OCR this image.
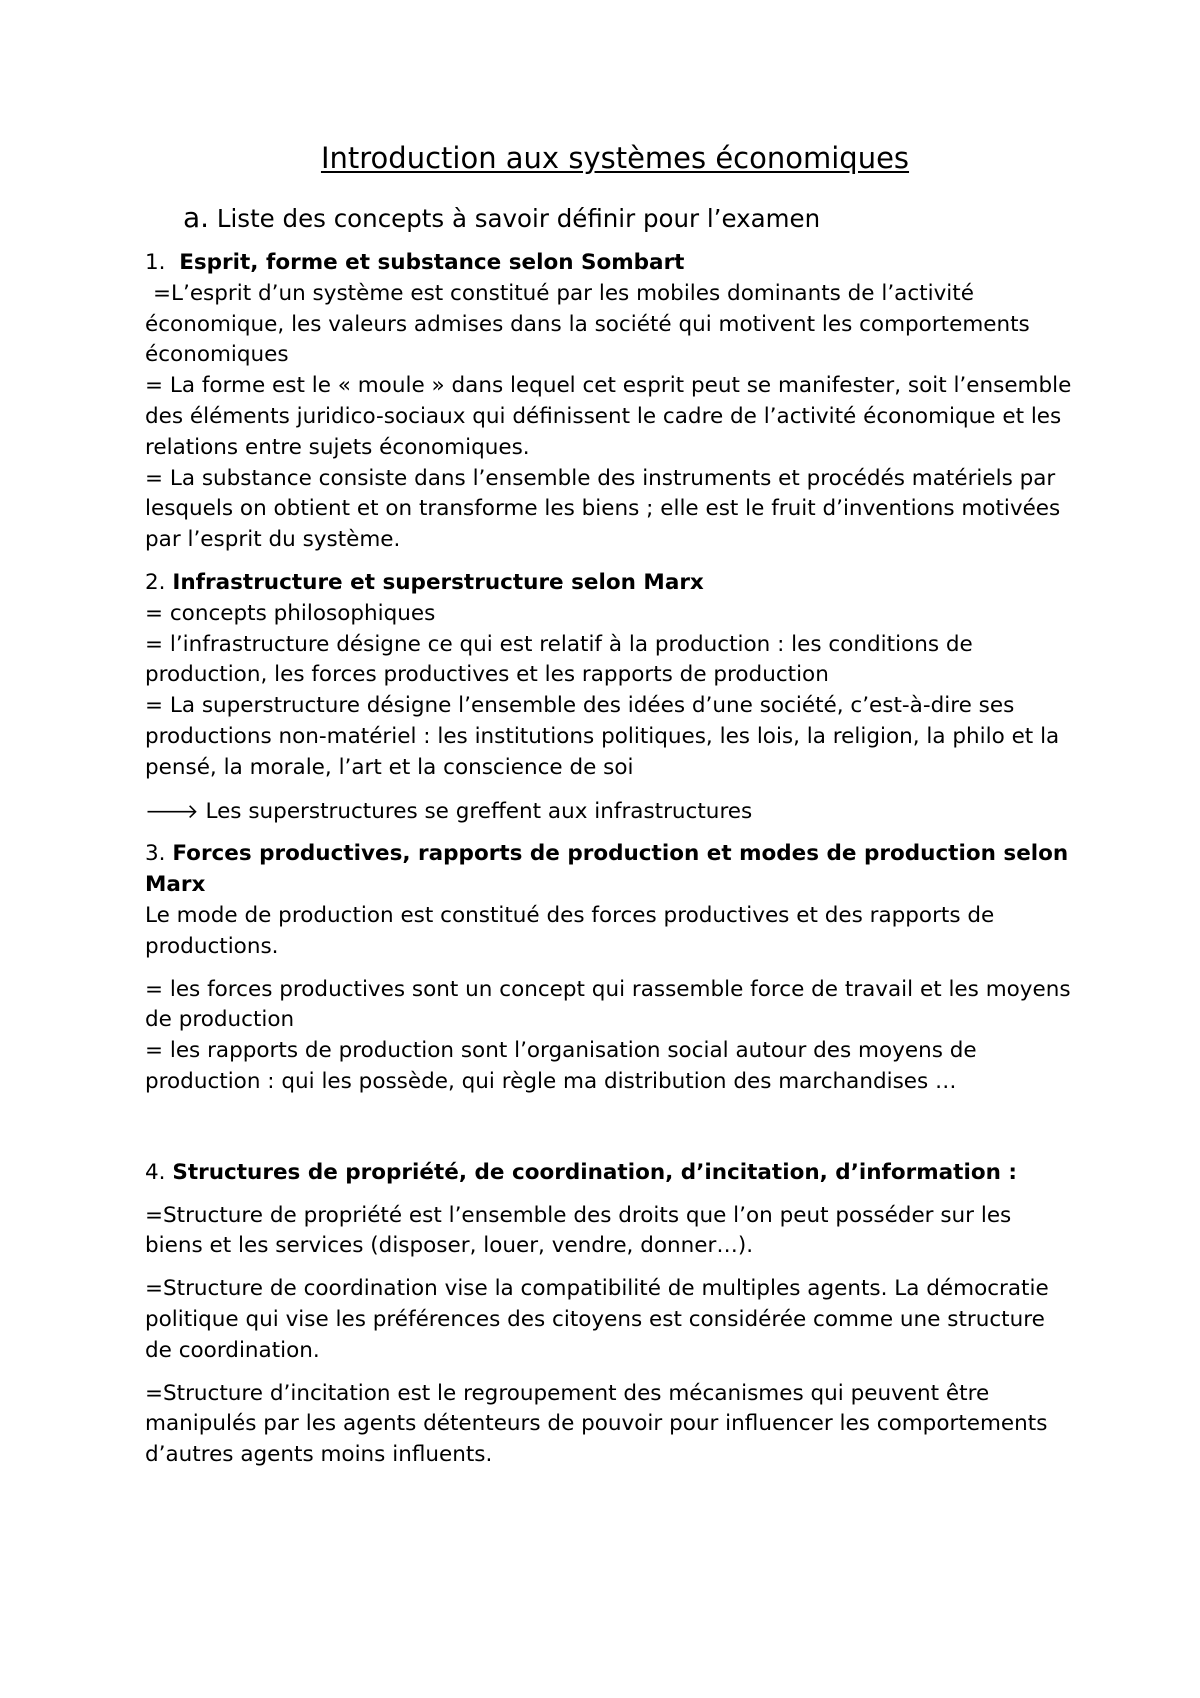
Introduction aux systèmes économiques
a. Liste des concepts à savoir définir pour l’examen
1. Esprit, forme et substance selon Sombart
=L’esprit d’un système est constitué par les mobiles dominants de l’activité économique, les valeurs admises dans la société qui motivent les comportements économiques
= La forme est le « moule » dans lequel cet esprit peut se manifester, soit l’ensemble des éléments juridico-sociaux qui définissent le cadre de l’activité économique et les relations entre sujets économiques.
= La substance consiste dans l’ensemble des instruments et procédés matériels par lesquels on obtient et on transforme les biens ; elle est le fruit d’inventions motivées par l’esprit du système.
2. Infrastructure et superstructure selon Marx
= concepts philosophiques
= l’infrastructure désigne ce qui est relatif à la production : les conditions de production, les forces productives et les rapports de production
= La superstructure désigne l’ensemble des idées d’une société, c’est-à-dire ses productions non-matériel : les institutions politiques, les lois, la religion, la philo et la pensé, la morale, l’art et la conscience de soi
🡒 Les superstructures se greffent aux infrastructures
3. Forces productives, rapports de production et modes de production selon Marx
Le mode de production est constitué des forces productives et des rapports de productions.
= les forces productives sont un concept qui rassemble force de travail et les moyens de production
= les rapports de production sont l’organisation social autour des moyens de production : qui les possède, qui règle ma distribution des marchandises …
4. Structures de propriété, de coordination, d’incitation, d’information :
=Structure de propriété est l’ensemble des droits que l’on peut posséder sur les biens et les services (disposer, louer, vendre, donner…).
=Structure de coordination vise la compatibilité de multiples agents. La démocratie politique qui vise les préférences des citoyens est considérée comme une structure de coordination.
=Structure d’incitation est le regroupement des mécanismes qui peuvent être manipulés par les agents détenteurs de pouvoir pour influencer les comportements d’autres agents moins influents.
